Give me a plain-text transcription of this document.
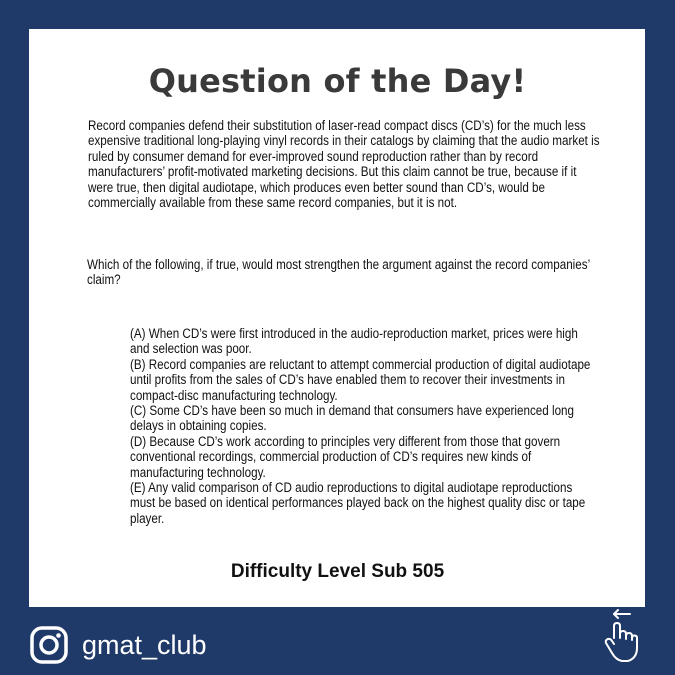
Question of the Day!

Record companies defend their substitution of laser-read compact discs (CD’s) for the much less expensive traditional long-playing vinyl records in their catalogs by claiming that the audio market is ruled by consumer demand for ever-improved sound reproduction rather than by record manufacturers’ profit-motivated marketing decisions. But this claim cannot be true, because if it were true, then digital audiotape, which produces even better sound than CD’s, would be commercially available from these same record companies, but it is not.

Which of the following, if true, would most strengthen the argument against the record companies’ claim?

(A) When CD’s were first introduced in the audio-reproduction market, prices were high and selection was poor.

(B) Record companies are reluctant to attempt commercial production of digital audiotape until profits from the sales of CD’s have enabled them to recover their investments in compact-disc manufacturing technology.

(C) Some CD’s have been so much in demand that consumers have experienced long delays in obtaining copies.

(D) Because CD’s work according to principles very different from those that govern conventional recordings, commercial production of CD’s requires new kinds of manufacturing technology.

(E) Any valid comparison of CD audio reproductions to digital audiotape reproductions must be based on identical performances played back on the highest quality disc or tape player.

Difficulty Level Sub 505

gmat_club
